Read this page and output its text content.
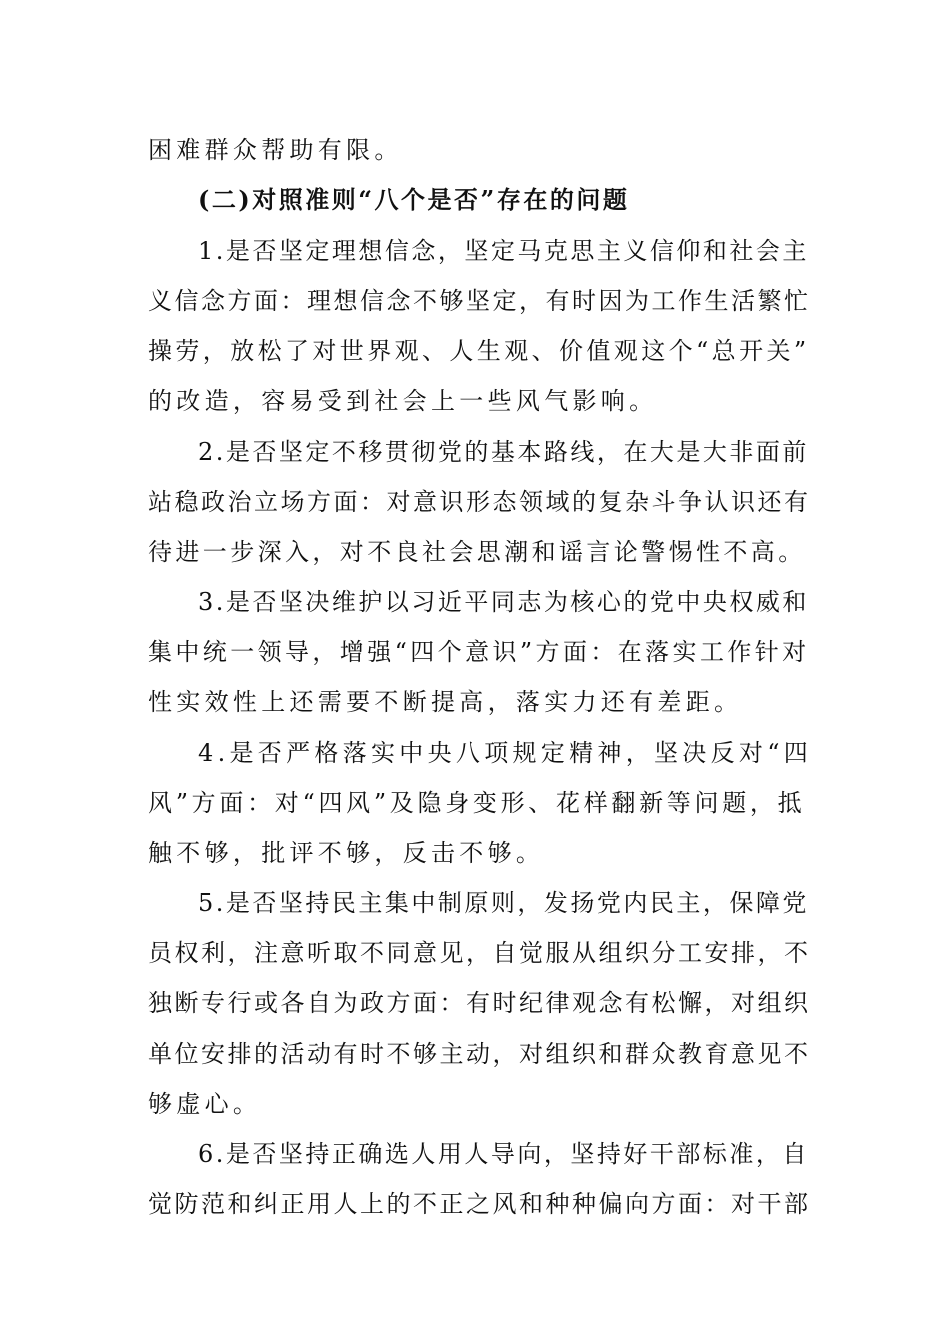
困难群众帮助有限。

(二)对照准则“八个是否”存在的问题

1.是否坚定理想信念，坚定马克思主义信仰和社会主

义信念方面：理想信念不够坚定，有时因为工作生活繁忙

操劳，放松了对世界观、人生观、价值观这个“总开关”

的改造，容易受到社会上一些风气影响。

2.是否坚定不移贯彻党的基本路线，在大是大非面前

站稳政治立场方面：对意识形态领域的复杂斗争认识还有

待进一步深入，对不良社会思潮和谣言论警惕性不高。

3.是否坚决维护以习近平同志为核心的党中央权威和

集中统一领导，增强“四个意识”方面：在落实工作针对

性实效性上还需要不断提高，落实力还有差距。

4.是否严格落实中央八项规定精神，坚决反对“四

风”方面：对“四风”及隐身变形、花样翻新等问题，抵

触不够，批评不够，反击不够。

5.是否坚持民主集中制原则，发扬党内民主，保障党

员权利，注意听取不同意见，自觉服从组织分工安排，不

独断专行或各自为政方面：有时纪律观念有松懈，对组织

单位安排的活动有时不够主动，对组织和群众教育意见不

够虚心。

6.是否坚持正确选人用人导向，坚持好干部标准，自

觉防范和纠正用人上的不正之风和种种偏向方面：对干部
